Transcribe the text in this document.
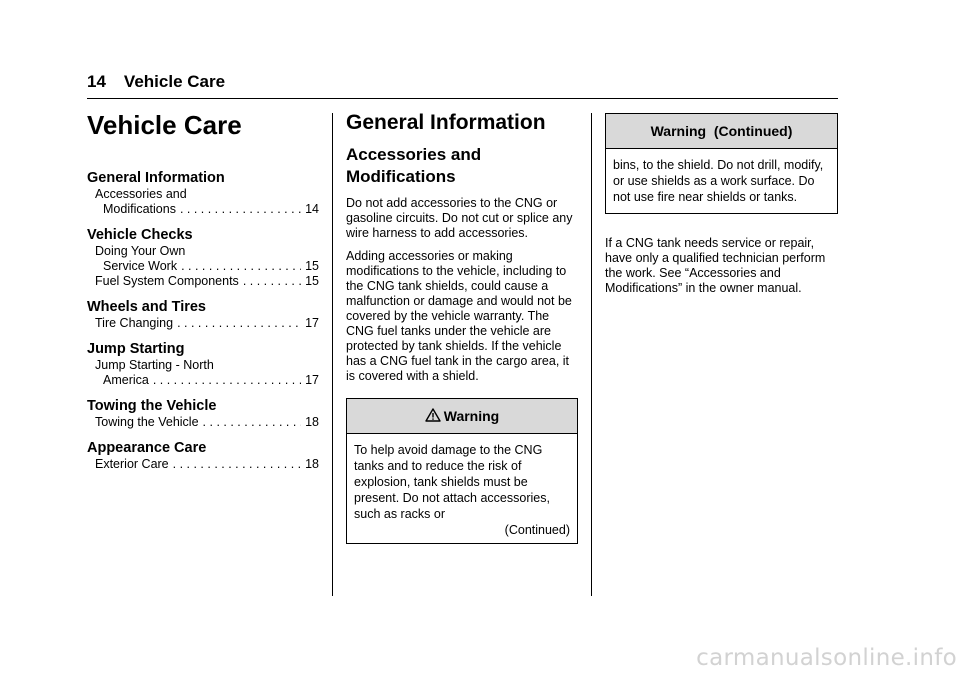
14 Vehicle Care
Vehicle Care
General Information
Accessories and
Modifications . . .	14
Vehicle Checks
Doing Your Own
Service Work . . .	15
Fuel System Components . . .	15
Wheels and Tires
Tire Changing . . .	17
Jump Starting
Jump Starting - North
America . . .	17
Towing the Vehicle
Towing the Vehicle . . .	18
Appearance Care
Exterior Care . . .	18
General Information
Accessories and Modifications

Do not add accessories to the CNG or gasoline circuits. Do not cut or splice any wire harness to add accessories.

Adding accessories or making modifications to the vehicle, including to the CNG tank shields, could cause a malfunction or damage and would not be covered by the vehicle warranty. The CNG fuel tanks under the vehicle are protected by tank shields. If the vehicle has a CNG fuel tank in the cargo area, it is covered with a shield.

Warning
To help avoid damage to the CNG tanks and to reduce the risk of explosion, tank shields must be present. Do not attach accessories, such as racks or
(Continued)
Warning  (Continued)
bins, to the shield. Do not drill, modify, or use shields as a work surface. Do not use fire near shields or tanks.

If a CNG tank needs service or repair, have only a qualified technician perform the work. See “Accessories and Modifications” in the owner manual.

carmanualsonline.info
